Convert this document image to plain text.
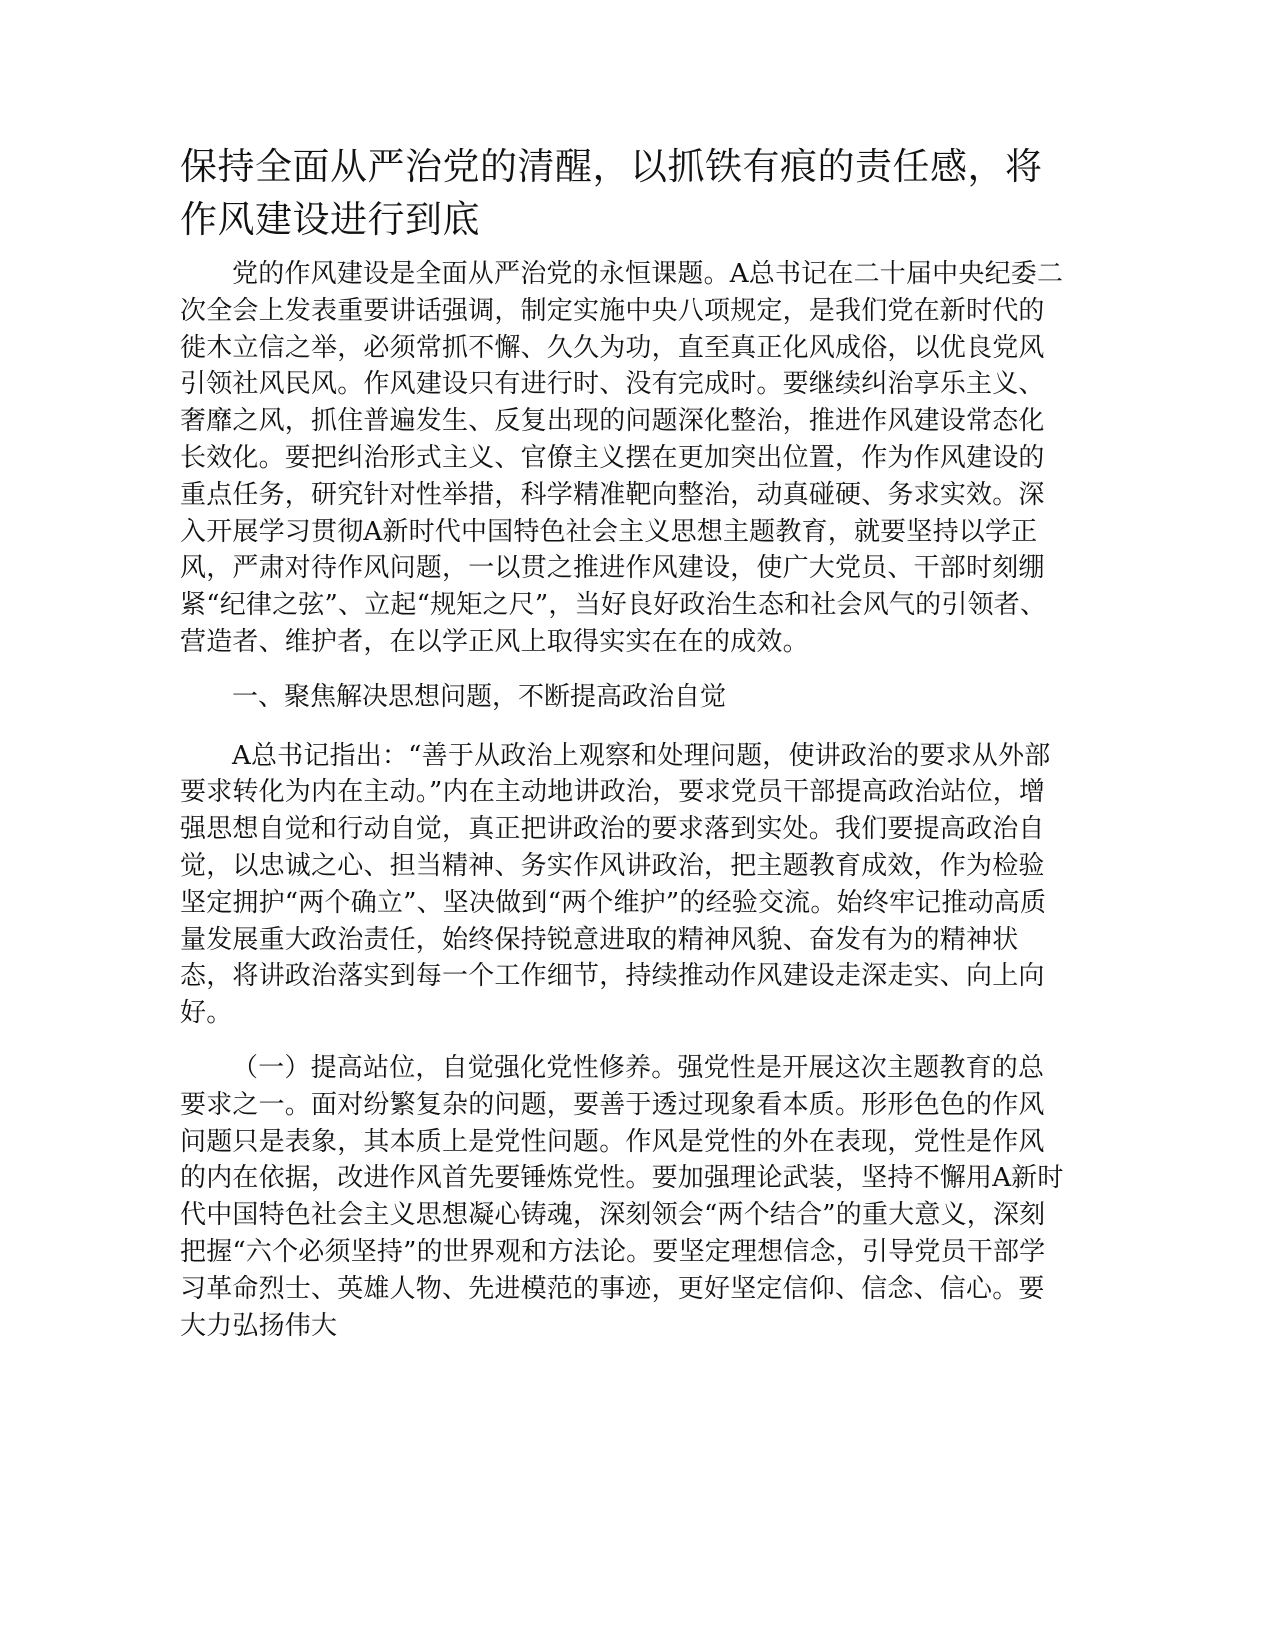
保持全面从严治党的清醒，以抓铁有痕的责任感，将作风建设进行到底

党的作风建设是全面从严治党的永恒课题。A总书记在二十届中央纪委二次全会上发表重要讲话强调，制定实施中央八项规定，是我们党在新时代的徙木立信之举，必须常抓不懈、久久为功，直至真正化风成俗，以优良党风引领社风民风。作风建设只有进行时、没有完成时。要继续纠治享乐主义、奢靡之风，抓住普遍发生、反复出现的问题深化整治，推进作风建设常态化长效化。要把纠治形式主义、官僚主义摆在更加突出位置，作为作风建设的重点任务，研究针对性举措，科学精准靶向整治，动真碰硬、务求实效。深入开展学习贯彻A新时代中国特色社会主义思想主题教育，就要坚持以学正风，严肃对待作风问题，一以贯之推进作风建设，使广大党员、干部时刻绷紧“纪律之弦”、立起“规矩之尺”，当好良好政治生态和社会风气的引领者、营造者、维护者，在以学正风上取得实实在在的成效。

一、聚焦解决思想问题，不断提高政治自觉

A总书记指出：“善于从政治上观察和处理问题，使讲政治的要求从外部要求转化为内在主动。”内在主动地讲政治，要求党员干部提高政治站位，增强思想自觉和行动自觉，真正把讲政治的要求落到实处。我们要提高政治自觉，以忠诚之心、担当精神、务实作风讲政治，把主题教育成效，作为检验坚定拥护“两个确立”、坚决做到“两个维护”的经验交流。始终牢记推动高质量发展重大政治责任，始终保持锐意进取的精神风貌、奋发有为的精神状态，将讲政治落实到每一个工作细节，持续推动作风建设走深走实、向上向好。

（一）提高站位，自觉强化党性修养。强党性是开展这次主题教育的总要求之一。面对纷繁复杂的问题，要善于透过现象看本质。形形色色的作风问题只是表象，其本质上是党性问题。作风是党性的外在表现，党性是作风的内在依据，改进作风首先要锤炼党性。要加强理论武装，坚持不懈用A新时代中国特色社会主义思想凝心铸魂，深刻领会“两个结合”的重大意义，深刻把握“六个必须坚持”的世界观和方法论。要坚定理想信念，引导党员干部学习革命烈士、英雄人物、先进模范的事迹，更好坚定信仰、信念、信心。要大力弘扬伟大
